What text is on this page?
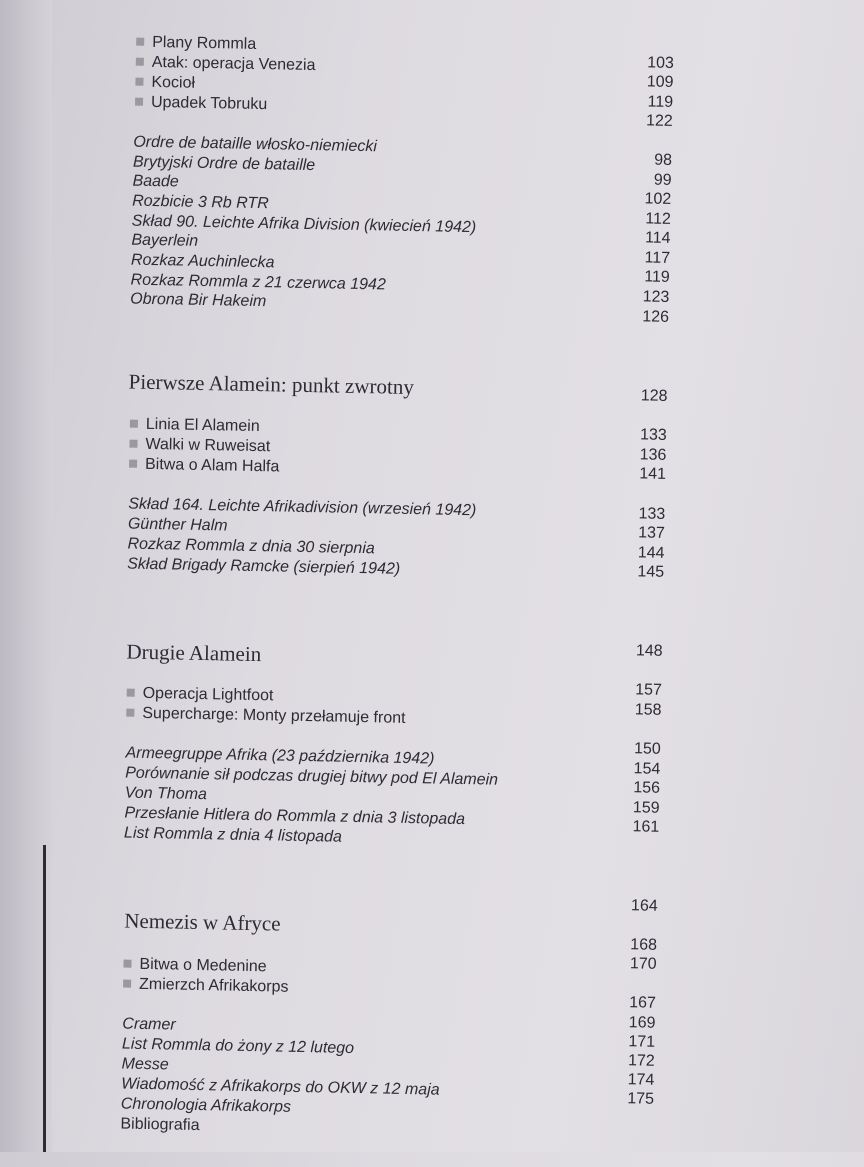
Plany Rommla
Atak: operacja Venezia
Kocioł
Upadek Tobruku
Ordre de bataille włosko-niemiecki
Brytyjski Ordre de bataille
Baade
Rozbicie 3 Rb RTR
Skład 90. Leichte Afrika Division (kwiecień 1942)
Bayerlein
Rozkaz Auchinlecka
Rozkaz Rommla z 21 czerwca 1942
Obrona Bir Hakeim
Pierwsze Alamein: punkt zwrotny
Linia El Alamein
Walki w Ruweisat
Bitwa o Alam Halfa
Skład 164. Leichte Afrikadivision (wrzesień 1942)
Günther Halm
Rozkaz Rommla z dnia 30 sierpnia
Skład Brigady Ramcke (sierpień 1942)
Drugie Alamein
Operacja Lightfoot
Supercharge: Monty przełamuje front
Armeegruppe Afrika (23 października 1942)
Porównanie sił podczas drugiej bitwy pod El Alamein
Von Thoma
Przesłanie Hitlera do Rommla z dnia 3 listopada
List Rommla z dnia 4 listopada
Nemezis w Afryce
Bitwa o Medenine
Zmierzch Afrikakorps
Cramer
List Rommla do żony z 12 lutego
Messe
Wiadomość z Afrikakorps do OKW z 12 maja
Chronologia Afrikakorps
Bibliografia
103
109
119
122
98
99
102
112
114
117
119
123
126
128
133
136
141
133
137
144
145
148
157
158
150
154
156
159
161
164
168
170
167
169
171
172
174
175
